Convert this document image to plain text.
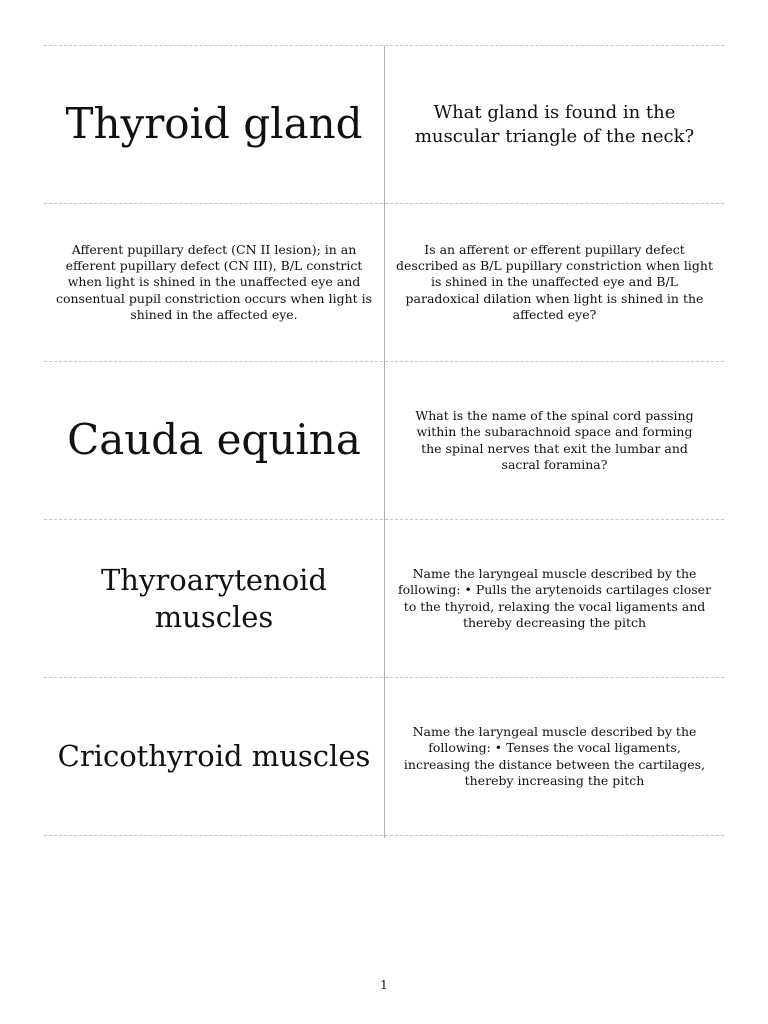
Thyroid gland	What gland is found in the muscular triangle of the neck?
Afferent pupillary defect (CN II lesion); in an efferent pupillary defect (CN III), B/L constrict when light is shined in the unaffected eye and consentual pupil constriction occurs when light is shined in the affected eye.
Is an afferent or efferent pupillary defect described as B/L pupillary constriction when light is shined in the unaffected eye and B/L paradoxical dilation when light is shined in the affected eye?
Cauda equina	What is the name of the spinal cord passing within the subarachnoid space and forming the spinal nerves that exit the lumbar and sacral foramina?
Thyroarytenoid muscles
Name the laryngeal muscle described by the following: • Pulls the arytenoids cartilages closer to the thyroid, relaxing the vocal ligaments and thereby decreasing the pitch
Cricothyroid muscles
Name the laryngeal muscle described by the following: • Tenses the vocal ligaments, increasing the distance between the cartilages, thereby increasing the pitch
1
